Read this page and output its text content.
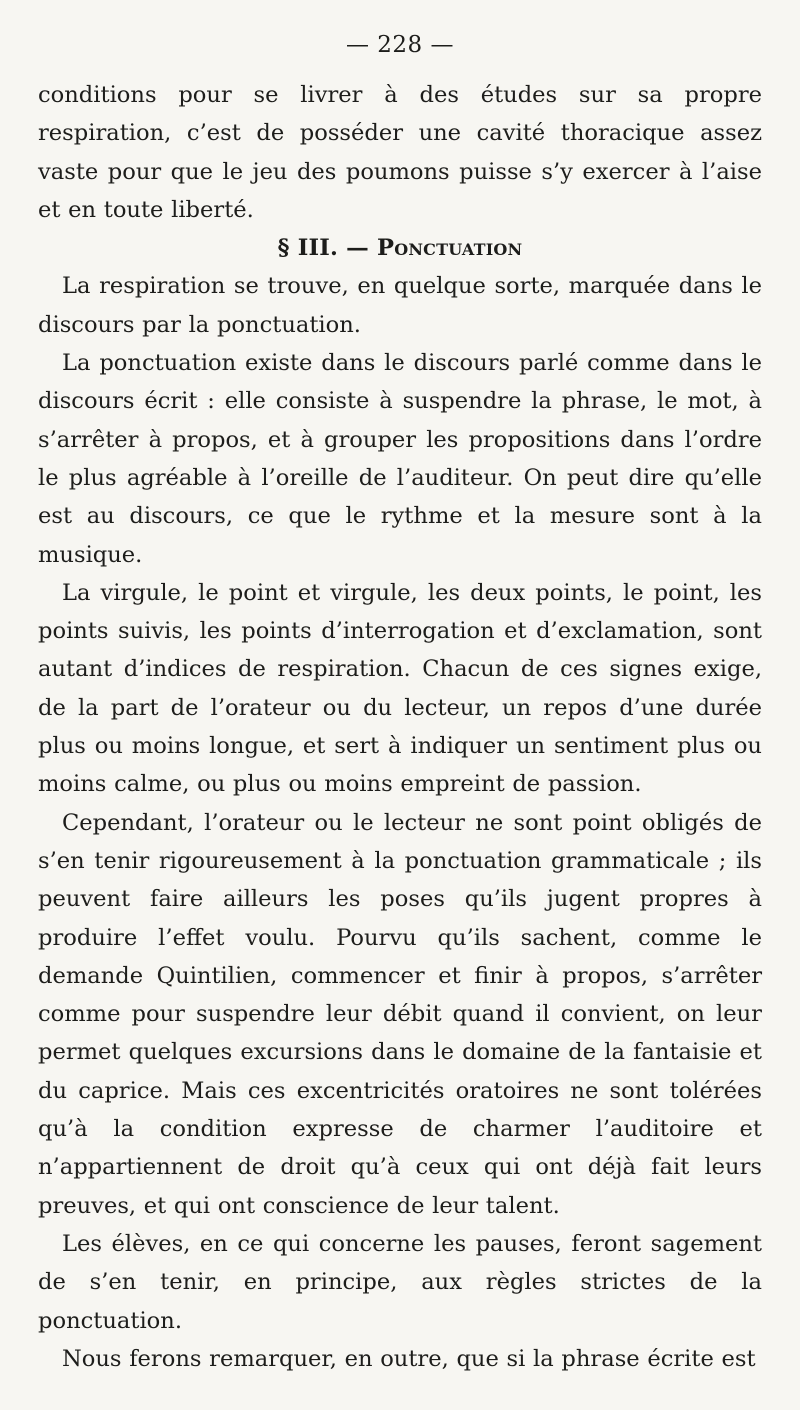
— 228 —

conditions pour se livrer à des études sur sa propre respiration, c’est de posséder une cavité thoracique assez vaste pour que le jeu des poumons puisse s’y exercer à l’aise et en toute liberté.

§ III. — Ponctuation

La respiration se trouve, en quelque sorte, marquée dans le discours par la ponctuation.

La ponctuation existe dans le discours parlé comme dans le discours écrit : elle consiste à suspendre la phrase, le mot, à s’arrêter à propos, et à grouper les propositions dans l’ordre le plus agréable à l’oreille de l’auditeur. On peut dire qu’elle est au discours, ce que le rythme et la mesure sont à la musique.

La virgule, le point et virgule, les deux points, le point, les points suivis, les points d’interrogation et d’exclamation, sont autant d’indices de respiration. Chacun de ces signes exige, de la part de l’orateur ou du lecteur, un repos d’une durée plus ou moins longue, et sert à indiquer un sentiment plus ou moins calme, ou plus ou moins empreint de passion.

Cependant, l’orateur ou le lecteur ne sont point obligés de s’en tenir rigoureusement à la ponctuation grammaticale ; ils peuvent faire ailleurs les poses qu’ils jugent propres à produire l’effet voulu. Pourvu qu’ils sachent, comme le demande Quintilien, commencer et finir à propos, s’arrêter comme pour suspendre leur débit quand il convient, on leur permet quelques excursions dans le domaine de la fantaisie et du caprice. Mais ces excentricités oratoires ne sont tolérées qu’à la condition expresse de charmer l’auditoire et n’appartiennent de droit qu’à ceux qui ont déjà fait leurs preuves, et qui ont conscience de leur talent.

Les élèves, en ce qui concerne les pauses, feront sagement de s’en tenir, en principe, aux règles strictes de la ponctuation.

Nous ferons remarquer, en outre, que si la phrase écrite est
